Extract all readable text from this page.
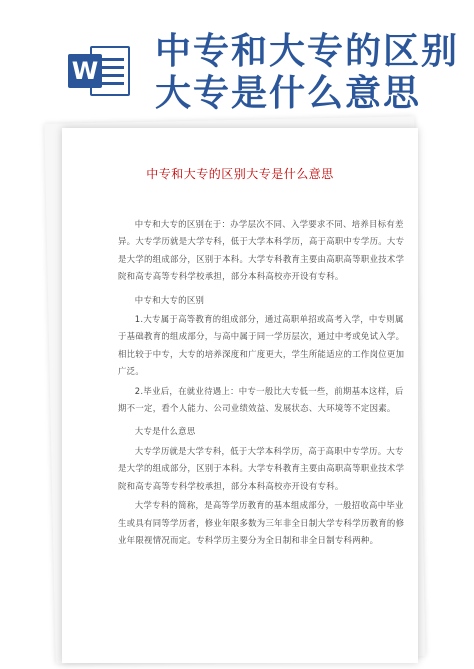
W 中专和大专的区别
大专是什么意思
中专和大专的区别大专是什么意思

中专和大专的区别在于：办学层次不同、入学要求不同、培养目标有差异。大专学历就是大学专科，低于大学本科学历，高于高职中专学历。大专是大学的组成部分，区别于本科。大学专科教育主要由高职高等职业技术学院和高专高等专科学校承担，部分本科高校亦开设有专科。

中专和大专的区别

1.大专属于高等教育的组成部分，通过高职单招或高考入学，中专则属于基础教育的组成部分，与高中属于同一学历层次，通过中考或免试入学。相比较于中专，大专的培养深度和广度更大，学生所能适应的工作岗位更加广泛。

2.毕业后，在就业待遇上：中专一般比大专低一些，前期基本这样，后期不一定，看个人能力、公司业绩效益、发展状态、大环境等不定因素。

大专是什么意思

大专学历就是大学专科，低于大学本科学历，高于高职中专学历。大专是大学的组成部分，区别于本科。大学专科教育主要由高职高等职业技术学院和高专高等专科学校承担，部分本科高校亦开设有专科。

大学专科的简称，是高等学历教育的基本组成部分，一般招收高中毕业生或具有同等学历者，修业年限多数为三年非全日制大学专科学历教育的修业年限视情况而定。专科学历主要分为全日制和非全日制专科两种。
